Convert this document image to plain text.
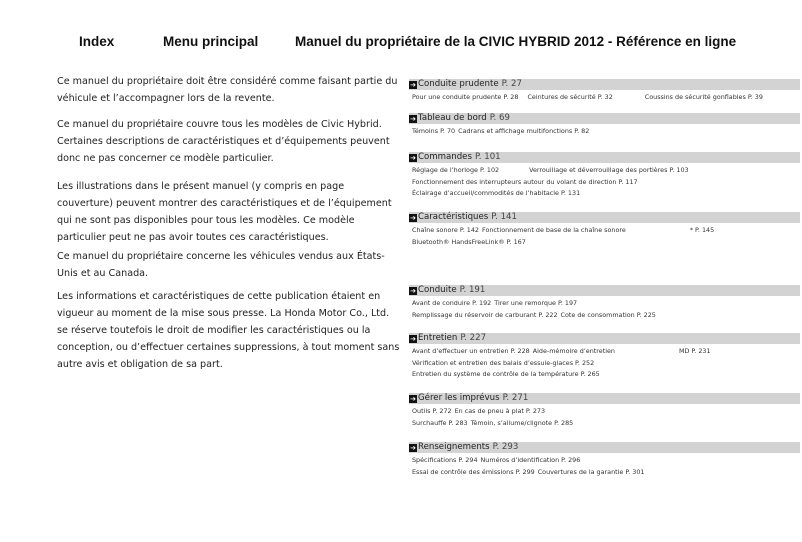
Index	Menu principal	Manuel du propriétaire de la CIVIC HYBRID 2012 - Référence en ligne

Ce manuel du propriétaire doit être considéré comme faisant partie du véhicule et l’accompagner lors de la revente.

Ce manuel du propriétaire couvre tous les modèles de Civic Hybrid. Certaines descriptions de caractéristiques et d’équipements peuvent donc ne pas concerner ce modèle particulier.

Les illustrations dans le présent manuel (y compris en page couverture) peuvent montrer des caractéristiques et de l’équipement qui ne sont pas disponibles pour tous les modèles. Ce modèle particulier peut ne pas avoir toutes ces caractéristiques.

Ce manuel du propriétaire concerne les véhicules vendus aux États-Unis et au Canada.

Les informations et caractéristiques de cette publication étaient en vigueur au moment de la mise sous presse. La Honda Motor Co., Ltd. se réserve toutefois le droit de modifier les caractéristiques ou la conception, ou d’effectuer certaines suppressions, à tout moment sans autre avis et obligation de sa part.

➔ Conduite prudente P. 27
Pour une conduite prudente P. 28 Ceintures de sécurité P. 32	Coussins de sécurité gonflables P. 39
➔ Tableau de bord P. 69
Témoins P. 70 Cadrans et affichage multifonctions P. 82
➔ Commandes P. 101
Réglage de l’horloge P. 102	Verrouillage et déverrouillage des portières P. 103
Fonctionnement des interrupteurs autour du volant de direction P. 117
Éclairage d’accueil/commodités de l’habitacle P. 131
➔ Caractéristiques P. 141
Chaîne sonore P. 142 Fonctionnement de base de la chaîne sonore	* P. 145
Bluetooth® HandsFreeLink® P. 167
➔ Conduite P. 191
Avant de conduire P. 192 Tirer une remorque P. 197
Remplissage du réservoir de carburant P. 222 Cote de consommation P. 225
➔ Entretien P. 227
Avant d’effectuer un entretien P. 228 Aide-mémoire d’entretien	MD P. 231
Vérification et entretien des balais d’essuie-glaces P. 252
Entretien du système de contrôle de la température P. 265
➔ Gérer les imprévus P. 271
Outils P. 272 En cas de pneu à plat P. 273
Surchauffe P. 283 Témoin, s’allume/clignote P. 285
➔ Renseignements P. 293
Spécifications P. 294 Numéros d’identification P. 296
Essai de contrôle des émissions P. 299 Couvertures de la garantie P. 301
